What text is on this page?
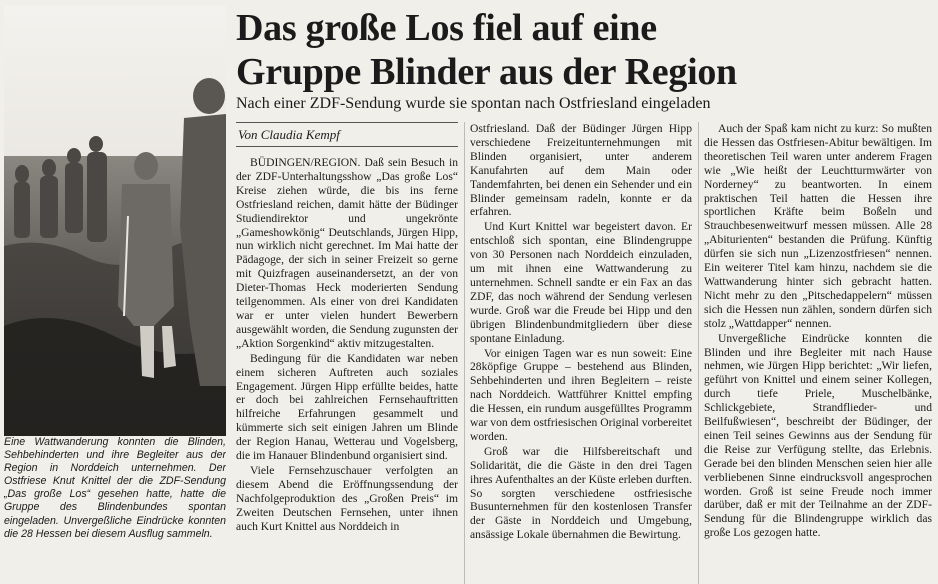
Eine Wattwanderung konnten die Blinden, Sehbehinderten und ihre Begleiter aus der Region in Norddeich unternehmen. Der Ostfriese Knut Knittel der die ZDF-Sendung „Das große Los“ gesehen hatte, hatte die Gruppe des Blindenbundes spontan eingeladen. Unvergeßliche Eindrücke konnten die 28 Hessen bei diesem Ausflug sammeln.
Das große Los fiel auf eine
Gruppe Blinder aus der Region

Nach einer ZDF-Sendung wurde sie spontan nach Ostfriesland eingeladen

Von Claudia Kempf

BÜDINGEN/REGION. Daß sein Besuch in der ZDF-Unterhaltungsshow „Das große Los“ Kreise ziehen würde, die bis ins ferne Ostfriesland reichen, damit hätte der Büdinger Studiendirektor und ungekrönte „Gameshowkönig“ Deutschlands, Jürgen Hipp, nun wirklich nicht gerechnet. Im Mai hatte der Pädagoge, der sich in seiner Freizeit so gerne mit Quizfragen auseinandersetzt, an der von Dieter-Thomas Heck moderierten Sendung teilgenommen. Als einer von drei Kandidaten war er unter vielen hundert Bewerbern ausgewählt worden, die Sendung zugunsten der „Aktion Sorgenkind“ aktiv mitzugestalten.

Bedingung für die Kandidaten war neben einem sicheren Auftreten auch soziales Engagement. Jürgen Hipp erfüllte beides, hatte er doch bei zahlreichen Fernsehauftritten hilfreiche Erfahrungen gesammelt und kümmerte sich seit einigen Jahren um Blinde der Region Hanau, Wetterau und Vogelsberg, die im Hanauer Blindenbund organisiert sind.

Viele Fernsehzuschauer verfolgten an diesem Abend die Eröffnungssendung der Nachfolgeproduktion des „Großen Preis“ im Zweiten Deutschen Fernsehen, unter ihnen auch Kurt Knittel aus Norddeich in

Ostfriesland. Daß der Büdinger Jürgen Hipp verschiedene Freizeitunternehmungen mit Blinden organisiert, unter anderem Kanufahrten auf dem Main oder Tandemfahrten, bei denen ein Sehender und ein Blinder gemeinsam radeln, konnte er da erfahren.

Und Kurt Knittel war begeistert davon. Er entschloß sich spontan, eine Blindengruppe von 30 Personen nach Norddeich einzuladen, um mit ihnen eine Wattwanderung zu unternehmen. Schnell sandte er ein Fax an das ZDF, das noch während der Sendung verlesen wurde. Groß war die Freude bei Hipp und den übrigen Blindenbundmitgliedern über diese spontane Einladung.

Vor einigen Tagen war es nun soweit: Eine 28köpfige Gruppe – bestehend aus Blinden, Sehbehinderten und ihren Begleitern – reiste nach Norddeich. Wattführer Knittel empfing die Hessen, ein rundum ausgefülltes Programm war von dem ostfriesischen Original vorbereitet worden.

Groß war die Hilfsbereitschaft und Solidarität, die die Gäste in den drei Tagen ihres Aufenthaltes an der Küste erleben durften. So sorgten verschiedene ostfriesische Busunternehmen für den kostenlosen Transfer der Gäste in Norddeich und Umgebung, ansässige Lokale übernahmen die Bewirtung.

Auch der Spaß kam nicht zu kurz: So mußten die Hessen das Ostfriesen-Abitur bewältigen. Im theoretischen Teil waren unter anderem Fragen wie „Wie heißt der Leuchtturmwärter von Norderney“ zu beantworten. In einem praktischen Teil hatten die Hessen ihre sportlichen Kräfte beim Boßeln und Strauchbesenweitwurf messen müssen. Alle 28 „Abiturienten“ bestanden die Prüfung. Künftig dürfen sie sich nun „Lizenzostfriesen“ nennen. Ein weiterer Titel kam hinzu, nachdem sie die Wattwanderung hinter sich gebracht hatten. Nicht mehr zu den „Pitschedappelern“ müssen sich die Hessen nun zählen, sondern dürfen sich stolz „Wattdapper“ nennen.

Unvergeßliche Eindrücke konnten die Blinden und ihre Begleiter mit nach Hause nehmen, wie Jürgen Hipp berichtet: „Wir liefen, geführt von Knittel und einem seiner Kollegen, durch tiefe Priele, Muschelbänke, Schlickgebiete, Strandflieder- und Beilfußwiesen“, beschreibt der Büdinger, der einen Teil seines Gewinns aus der Sendung für die Reise zur Verfügung stellte, das Erlebnis. Gerade bei den blinden Menschen seien hier alle verbliebenen Sinne eindrucksvoll angesprochen worden. Groß ist seine Freude noch immer darüber, daß er mit der Teilnahme an der ZDF-Sendung für die Blindengruppe wirklich das große Los gezogen hatte.
